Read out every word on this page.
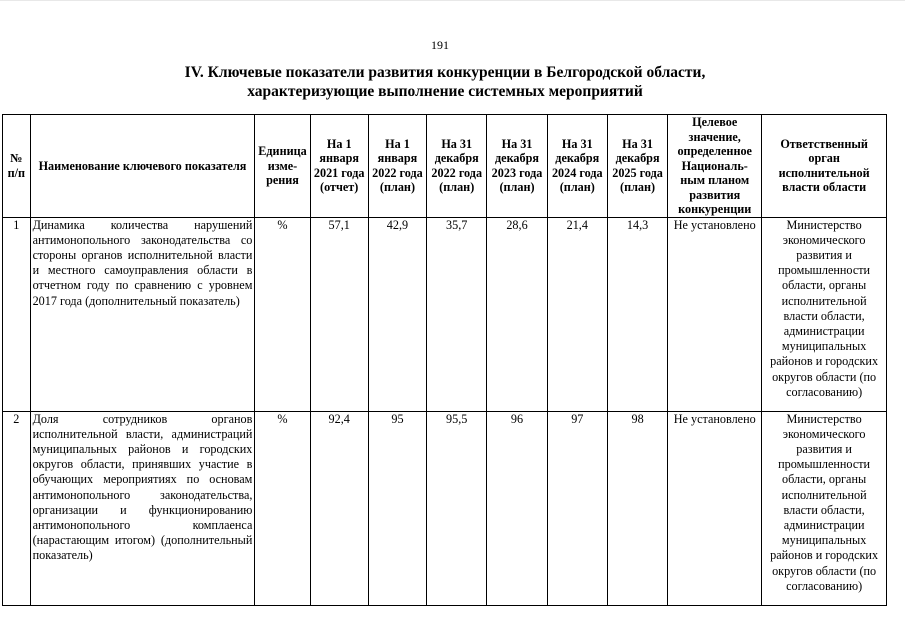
191
IV. Ключевые показатели развития конкуренции в Белгородской области,
характеризующие выполнение системных мероприятий
№ п/п	Наименование ключевого показателя	Единица изме-рения	На 1 января 2021 года (отчет)	На 1 января 2022 года (план)	На 31 декабря 2022 года (план)	На 31 декабря 2023 года (план)	На 31 декабря 2024 года (план)	На 31 декабря 2025 года (план)	Целевое значение, определенное Националь-ным планом развития конкуренции	Ответственный орган исполнительной власти области
1	Динамика количества нарушений антимонопольного законодательства со стороны органов исполнительной власти и местного самоуправления области в отчетном году по сравнению с уровнем 2017 года (дополнительный показатель)	%	57,1	42,9	35,7	28,6	21,4	14,3	Не установлено	Министерство экономического развития и промышленности области, органы исполнительной власти области, администрации муниципальных районов и городских округов области (по согласованию)
2	Доля сотрудников органов исполнительной власти, администраций муниципальных районов и городских округов области, принявших участие в обучающих мероприятиях по основам антимонопольного законодательства, организации и функционированию антимонопольного комплаенса (нарастающим итогом) (дополнительный показатель)	%	92,4	95	95,5	96	97	98	Не установлено	Министерство экономического развития и промышленности области, органы исполнительной власти области, администрации муниципальных районов и городских округов области (по согласованию)
